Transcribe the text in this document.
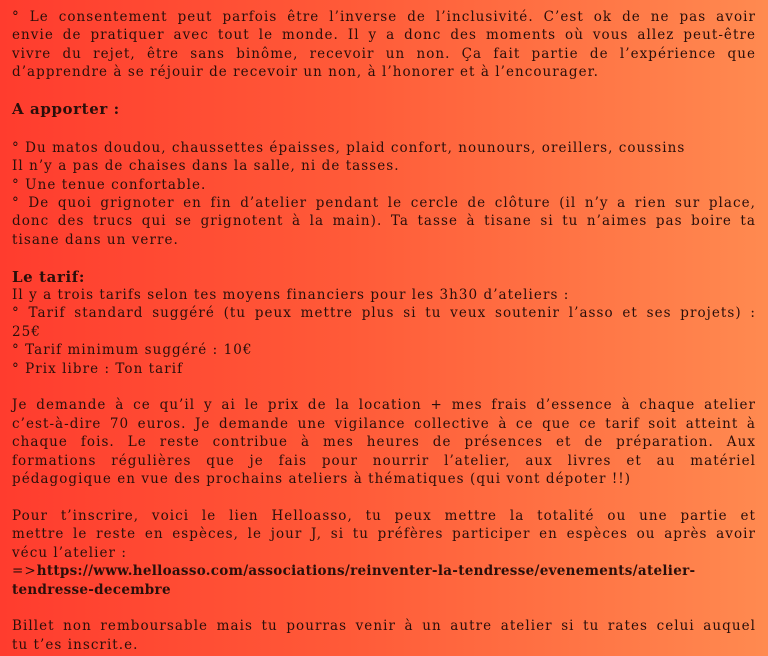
° Le consentement peut parfois être l’inverse de l’inclusivité. C’est ok de ne pas avoir
envie de pratiquer avec tout le monde. Il y a donc des moments où vous allez peut-être
vivre du rejet, être sans binôme, recevoir un non. Ça fait partie de l’expérience que
d’apprendre à se réjouir de recevoir un non, à l’honorer et à l’encourager.
A apporter :

° Du matos doudou, chaussettes épaisses, plaid confort, nounours, oreillers, coussins
Il n’y a pas de chaises dans la salle, ni de tasses.
° Une tenue confortable.
° De quoi grignoter en fin d’atelier pendant le cercle de clôture (il n’y a rien sur place,
donc des trucs qui se grignotent à la main). Ta tasse à tisane si tu n’aimes pas boire ta
tisane dans un verre.
Le tarif:
Il y a trois tarifs selon tes moyens financiers pour les 3h30 d’ateliers :
° Tarif standard suggéré (tu peux mettre plus si tu veux soutenir l’asso et ses projets) :
25€
° Tarif minimum suggéré : 10€
° Prix libre : Ton tarif
Je demande à ce qu’il y ai le prix de la location + mes frais d’essence à chaque atelier
c’est-à-dire 70 euros. Je demande une vigilance collective à ce que ce tarif soit atteint à
chaque fois. Le reste contribue à mes heures de présences et de préparation. Aux
formations régulières que je fais pour nourrir l’atelier, aux livres et au matériel
pédagogique en vue des prochains ateliers à thématiques (qui vont dépoter !!)
Pour t’inscrire, voici le lien Helloasso, tu peux mettre la totalité ou une partie et
mettre le reste en espèces, le jour J, si tu préfères participer en espèces ou après avoir
vécu l’atelier :
=>https://www.helloasso.com/associations/reinventer-la-tendresse/evenements/atelier-
tendresse-decembre
Billet non remboursable mais tu pourras venir à un autre atelier si tu rates celui auquel
tu t’es inscrit.e.
